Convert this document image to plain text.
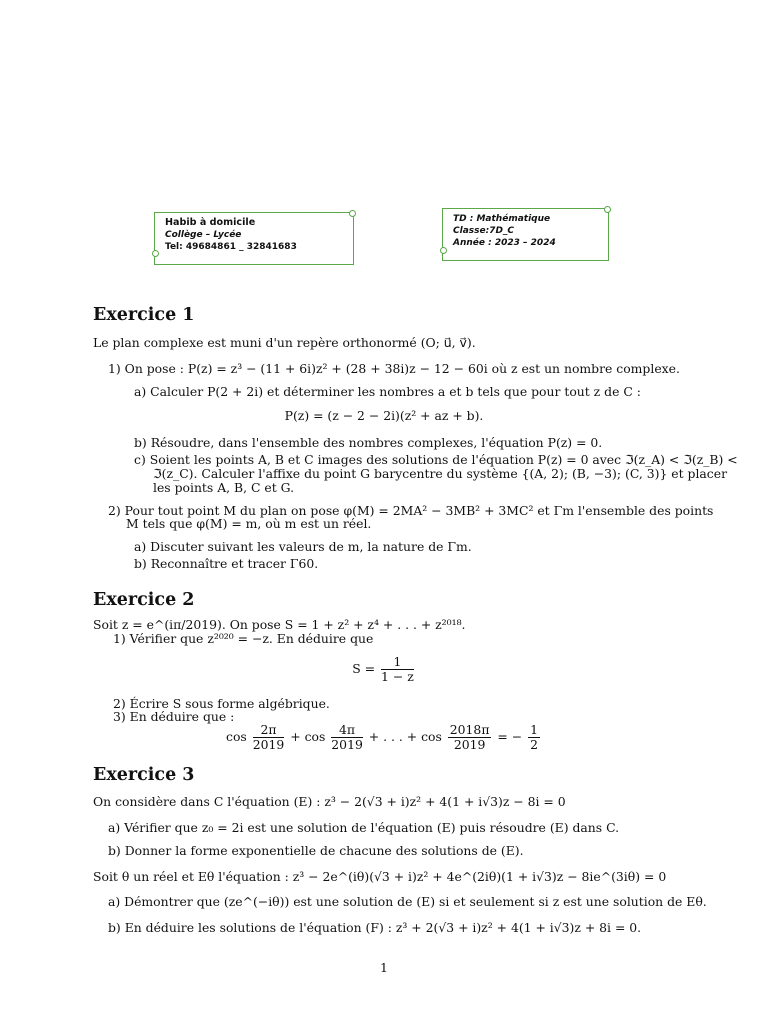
Habib à domicile
Collège – Lycée
Tel: 49684861 _ 32841683
TD : Mathématique
Classe:7D_C
Année : 2023 – 2024
Exercice 1
Le plan complexe est muni d'un repère orthonormé (O; u⃗, v⃗).
1) On pose : P(z) = z³ − (11 + 6i)z² + (28 + 38i)z − 12 − 60i où z est un nombre complexe.
a) Calculer P(2 + 2i) et déterminer les nombres a et b tels que pour tout z de C :
P(z) = (z − 2 − 2i)(z² + az + b).
b) Résoudre, dans l'ensemble des nombres complexes, l'équation P(z) = 0.
c) Soient les points A, B et C images des solutions de l'équation P(z) = 0 avec ℑ(z_A) < ℑ(z_B) <
ℑ(z_C). Calculer l'affixe du point G barycentre du système {(A, 2); (B, −3); (C, 3)} et placer
les points A, B, C et G.
2) Pour tout point M du plan on pose φ(M) = 2MA² − 3MB² + 3MC² et Γm l'ensemble des points
M tels que φ(M) = m, où m est un réel.
a) Discuter suivant les valeurs de m, la nature de Γm.
b) Reconnaître et tracer Γ60.
Exercice 2
Soit z = e^(iπ/2019). On pose S = 1 + z² + z⁴ + . . . + z²⁰¹⁸.
1) Vérifier que z²⁰²⁰ = −z. En déduire que
$S = \frac{1}{1 - z}$
2) Écrire S sous forme algébrique.
3) En déduire que :
$\cos \frac{2\pi}{2019} + \cos \frac{4\pi}{2019}$ + . . . + $\cos \frac{2018\pi}{2019}$ = − $\frac{1}{2}$
Exercice 3
On considère dans C l'équation (E) : z³ − 2(√3 + i)z² + 4(1 + i√3)z − 8i = 0
a) Vérifier que z₀ = 2i est une solution de l'équation (E) puis résoudre (E) dans C.
b) Donner la forme exponentielle de chacune des solutions de (E).
Soit θ un réel et Eθ l'équation : z³ − 2e^(iθ)(√3 + i)z² + 4e^(2iθ)(1 + i√3)z − 8ie^(3iθ) = 0
a) Démontrer que (ze^(−iθ)) est une solution de (E) si et seulement si z est une solution de Eθ.
b) En déduire les solutions de l'équation (F) : z³ + 2(√3 + i)z² + 4(1 + i√3)z + 8i = 0.
1
